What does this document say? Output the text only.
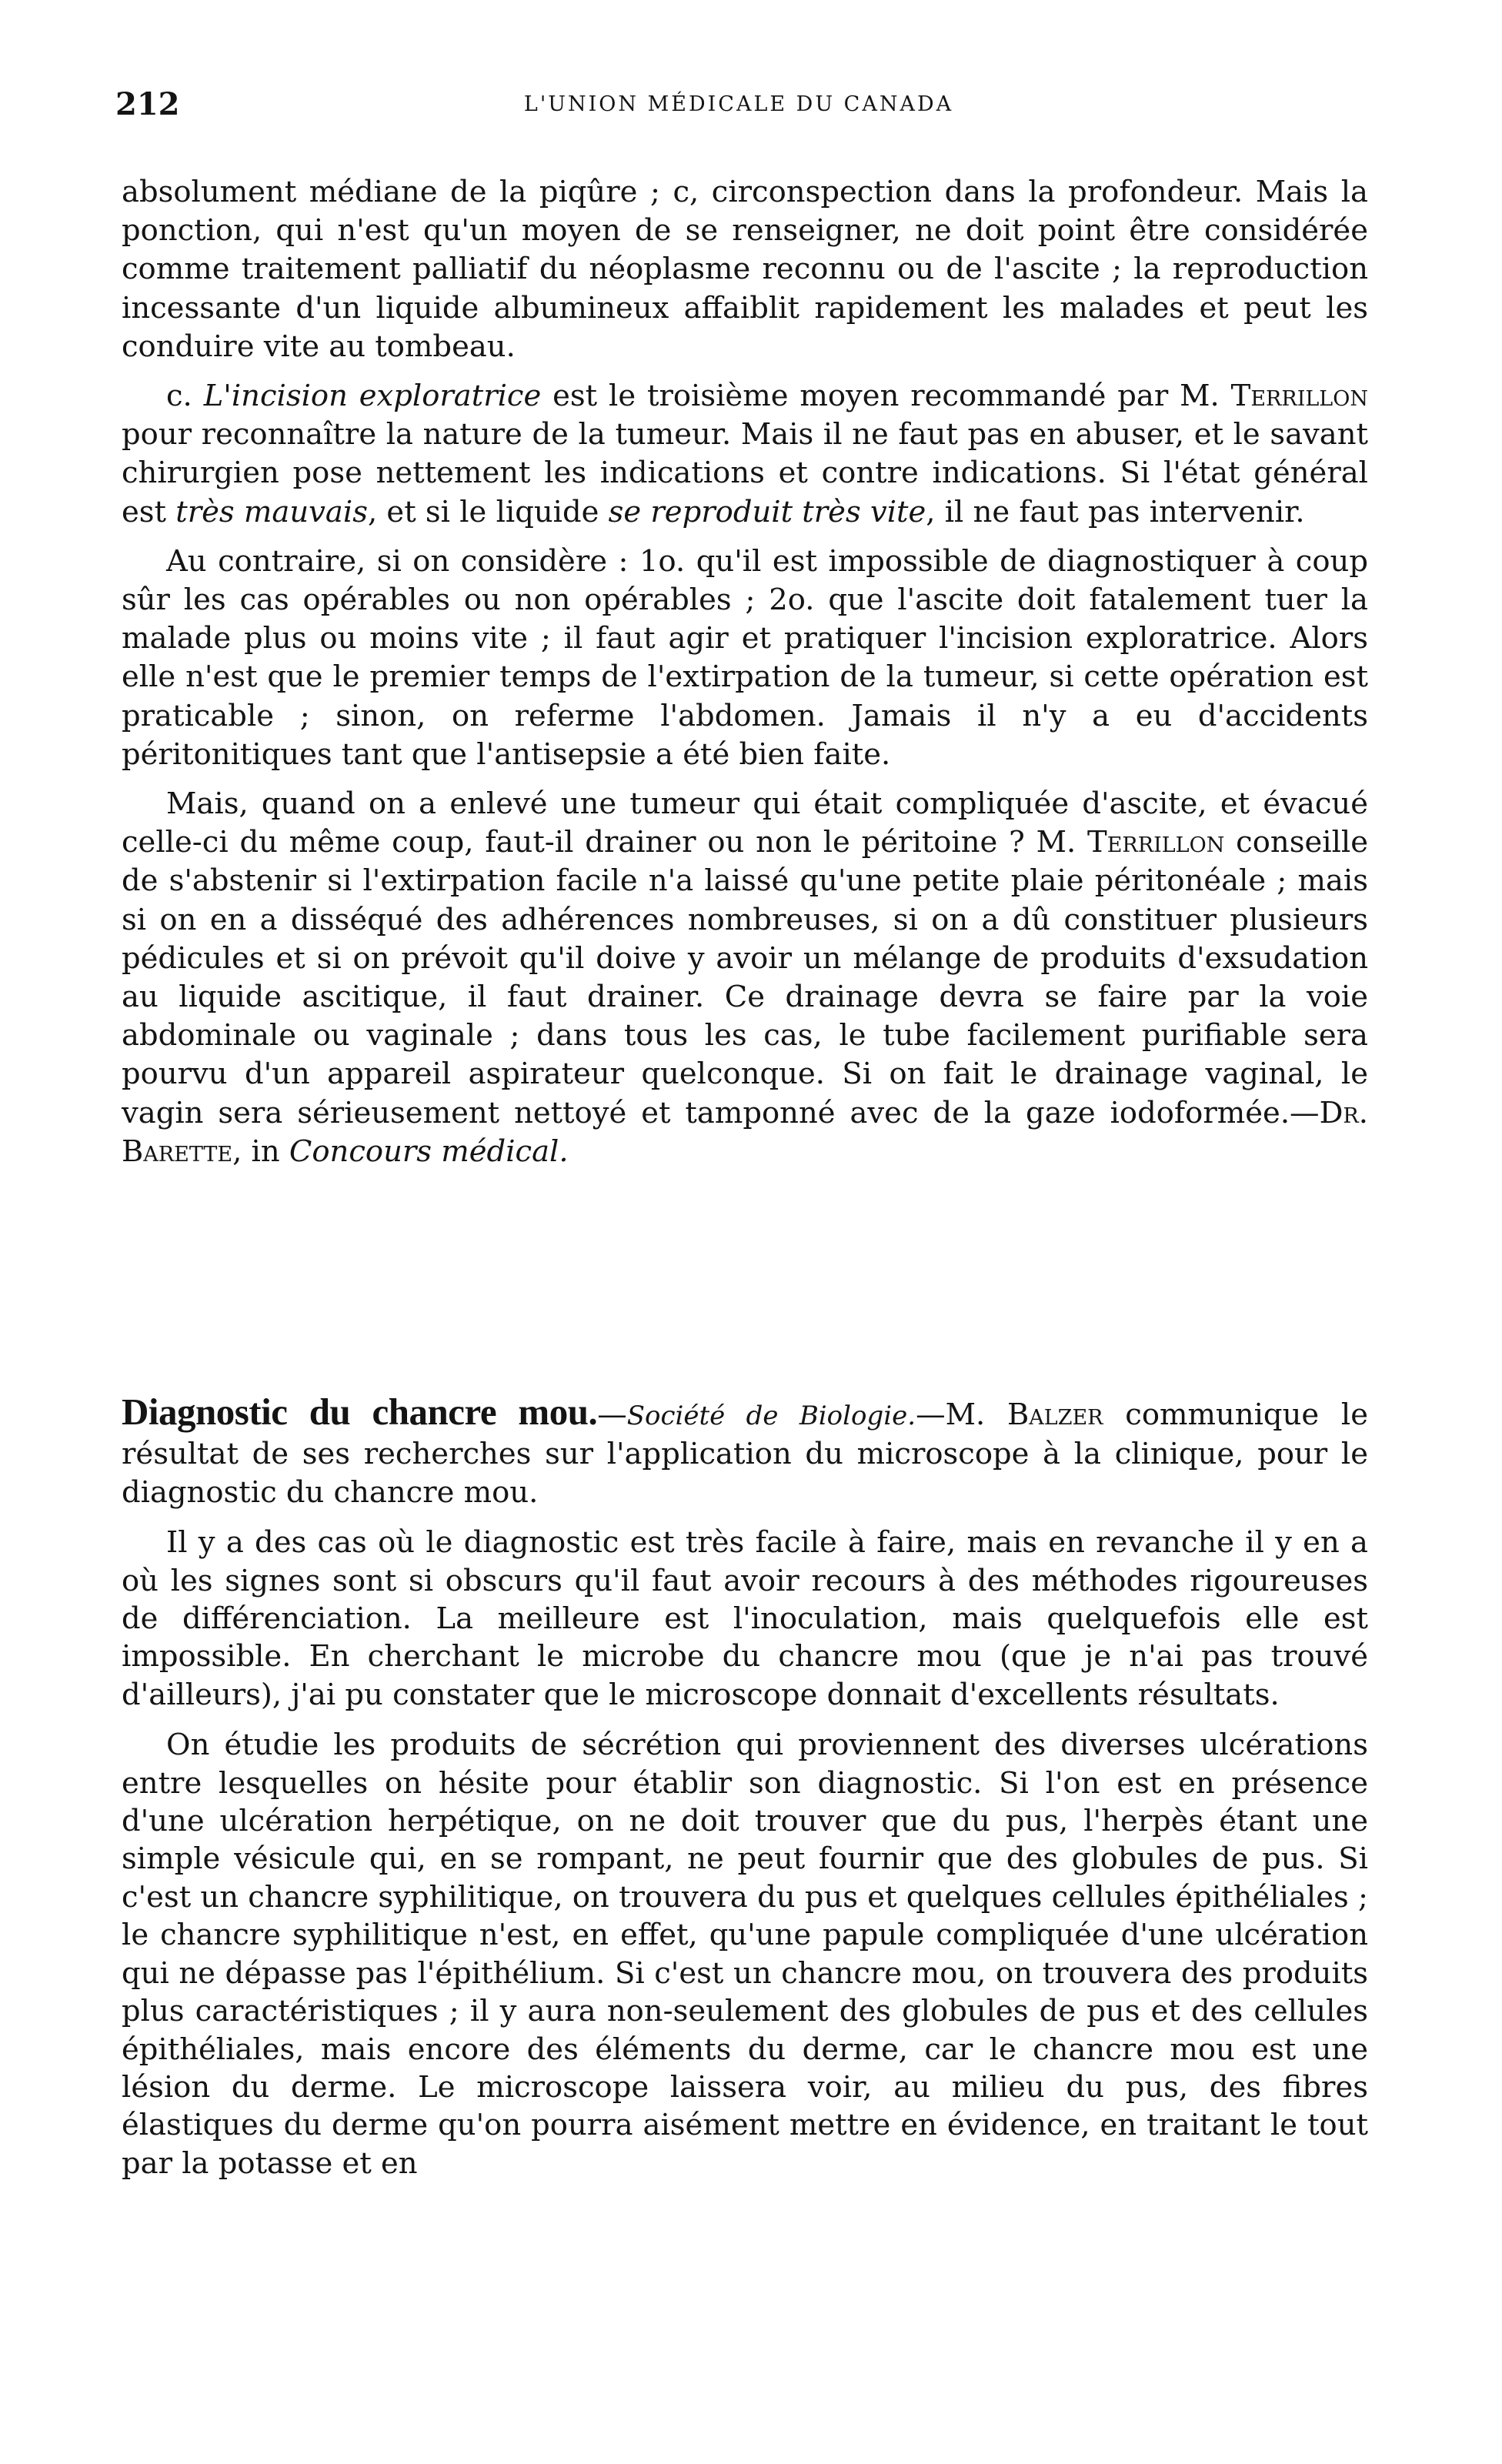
212	L'UNION MÉDICALE DU CANADA

absolument médiane de la piqûre ; c, circonspection dans la profondeur. Mais la ponction, qui n'est qu'un moyen de se renseigner, ne doit point être considérée comme traitement palliatif du néoplasme reconnu ou de l'ascite ; la reproduction incessante d'un liquide albumineux affaiblit rapidement les malades et peut les conduire vite au tombeau.

c. L'incision exploratrice est le troisième moyen recommandé par M. Terrillon pour reconnaître la nature de la tumeur. Mais il ne faut pas en abuser, et le savant chirurgien pose nettement les indications et contre indications. Si l'état général est très mauvais, et si le liquide se reproduit très vite, il ne faut pas intervenir.

Au contraire, si on considère : 1o. qu'il est impossible de diagnostiquer à coup sûr les cas opérables ou non opérables ; 2o. que l'ascite doit fatalement tuer la malade plus ou moins vite ; il faut agir et pratiquer l'incision exploratrice. Alors elle n'est que le premier temps de l'extirpation de la tumeur, si cette opération est praticable ; sinon, on referme l'abdomen. Jamais il n'y a eu d'accidents péritonitiques tant que l'antisepsie a été bien faite.

Mais, quand on a enlevé une tumeur qui était compliquée d'ascite, et évacué celle-ci du même coup, faut-il drainer ou non le péritoine ? M. Terrillon conseille de s'abstenir si l'extirpation facile n'a laissé qu'une petite plaie péritonéale ; mais si on en a disséqué des adhérences nombreuses, si on a dû constituer plusieurs pédicules et si on prévoit qu'il doive y avoir un mélange de produits d'exsudation au liquide ascitique, il faut drainer. Ce drainage devra se faire par la voie abdominale ou vaginale ; dans tous les cas, le tube facilement purifiable sera pourvu d'un appareil aspirateur quelconque. Si on fait le drainage vaginal, le vagin sera sérieusement nettoyé et tamponné avec de la gaze iodoformée.—Dr. Barette, in Concours médical.

Diagnostic du chancre mou.—Société de Biologie.—M. Balzer communique le résultat de ses recherches sur l'application du microscope à la clinique, pour le diagnostic du chancre mou.

Il y a des cas où le diagnostic est très facile à faire, mais en revanche il y en a où les signes sont si obscurs qu'il faut avoir recours à des méthodes rigoureuses de différenciation. La meilleure est l'inoculation, mais quelquefois elle est impossible. En cherchant le microbe du chancre mou (que je n'ai pas trouvé d'ailleurs), j'ai pu constater que le microscope donnait d'excellents résultats.

On étudie les produits de sécrétion qui proviennent des diverses ulcérations entre lesquelles on hésite pour établir son diagnostic. Si l'on est en présence d'une ulcération herpétique, on ne doit trouver que du pus, l'herpès étant une simple vésicule qui, en se rompant, ne peut fournir que des globules de pus. Si c'est un chancre syphilitique, on trouvera du pus et quelques cellules épithéliales ; le chancre syphilitique n'est, en effet, qu'une papule compliquée d'une ulcération qui ne dépasse pas l'épithélium. Si c'est un chancre mou, on trouvera des produits plus caractéristiques ; il y aura non-seulement des globules de pus et des cellules épithéliales, mais encore des éléments du derme, car le chancre mou est une lésion du derme. Le microscope laissera voir, au milieu du pus, des fibres élastiques du derme qu'on pourra aisément mettre en évidence, en traitant le tout par la potasse et en
